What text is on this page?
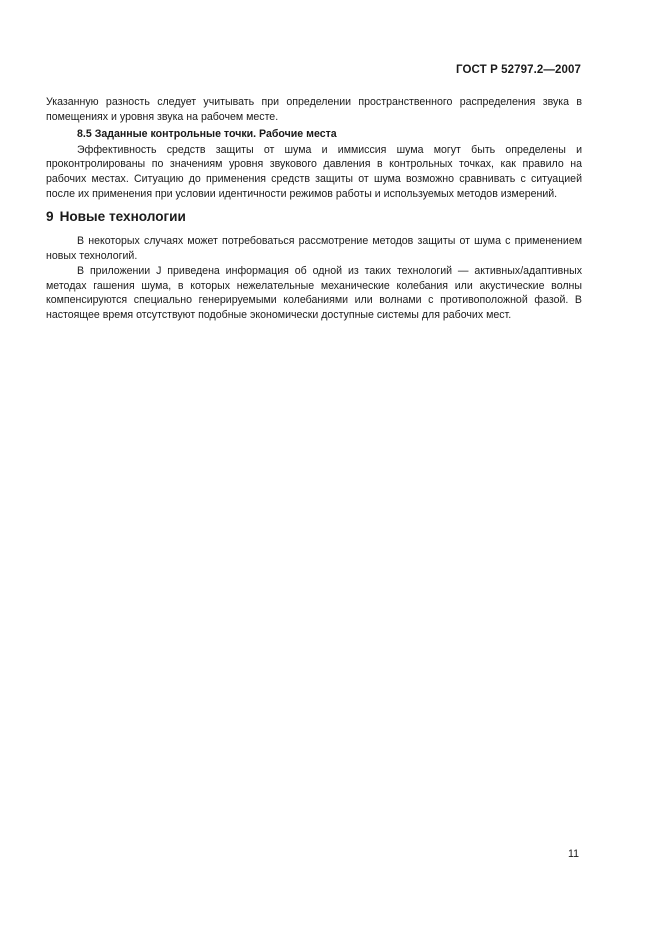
ГОСТ Р 52797.2—2007

Указанную разность следует учитывать при определении пространственного распределения звука в помещениях и уровня звука на рабочем месте.

8.5 Заданные контрольные точки. Рабочие места

Эффективность средств защиты от шума и иммиссия шума могут быть определены и проконтролированы по значениям уровня звукового давления в контрольных точках, как правило на рабочих местах. Ситуацию до применения средств защиты от шума возможно сравнивать с ситуацией после их применения при условии идентичности режимов работы и используемых методов измерений.

9 Новые технологии

В некоторых случаях может потребоваться рассмотрение методов защиты от шума с применением новых технологий.

В приложении J приведена информация об одной из таких технологий — активных/адаптивных методах гашения шума, в которых нежелательные механические колебания или акустические волны компенсируются специально генерируемыми колебаниями или волнами с противоположной фазой. В настоящее время отсутствуют подобные экономически доступные системы для рабочих мест.

11
